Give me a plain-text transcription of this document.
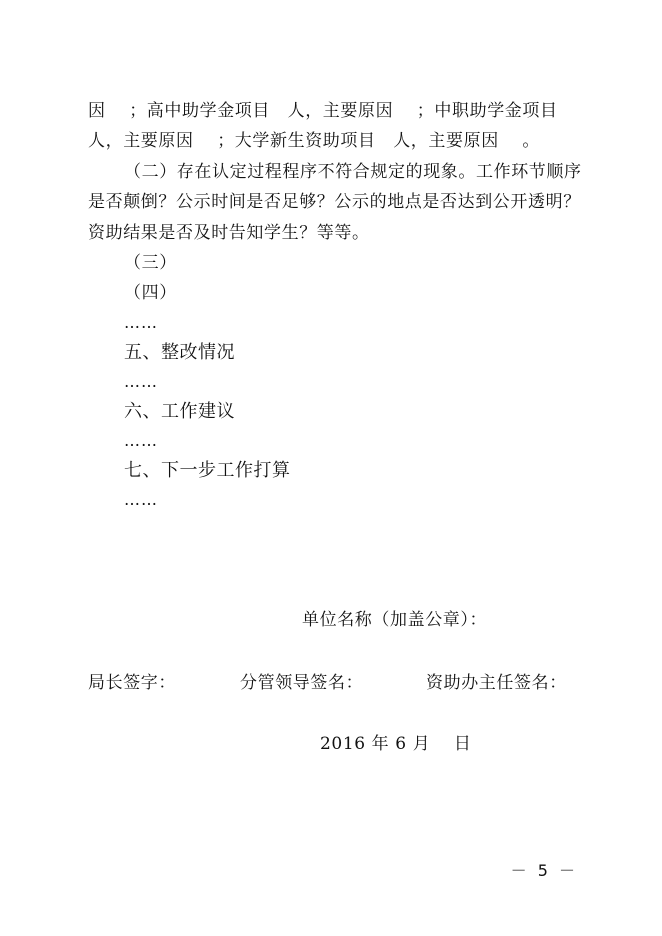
因　 ；高中助学金项目　人，主要原因　 ；中职助学金项目
人，主要原因　 ；大学新生资助项目　人，主要原因　 。
（二）存在认定过程程序不符合规定的现象。工作环节顺序
是否颠倒？公示时间是否足够？公示的地点是否达到公开透明？
资助结果是否及时告知学生？等等。
（三）
（四）
……
五、整改情况
……
六、工作建议
……
七、下一步工作打算
……
单位名称（加盖公章）：
局长签字：	分管领导签名：	资助办主任签名：
2016 年 6 月　 日
－ 5 －
